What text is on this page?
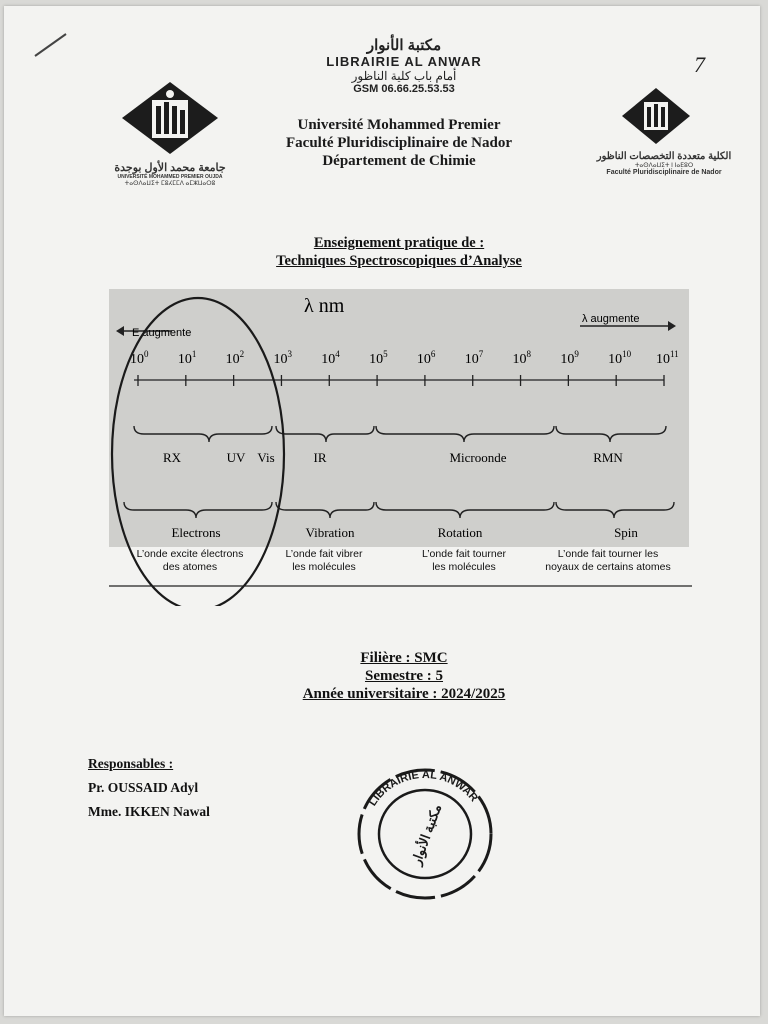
مكتبة الأنوار
LIBRAIRIE AL ANWAR
أمام باب كلية الناظور
GSM 06.66.25.53.53
7
جامعة محمد الأول بوجدة
UNIVERSITÉ MOHAMMED PREMIER OUJDA
ⵜⴰⵙⴷⴰⵡⵉⵜ ⵎⵓⵃⵎⵎⴷ ⴰⵎⵣⵡⴰⵔⵓ
Université Mohammed Premier
Faculté Pluridisciplinaire de Nador
Département de Chimie	الكلية متعددة التخصصات الناظور
ⵜⴰⵙⴷⴰⵡⵉⵜ ⵏ ⵏⴰⴹⵓⵔ
Faculté Pluridisciplinaire de Nador
Enseignement pratique de :
Techniques Spectroscopiques d’Analyse
λ nm
E augmente
λ augmente
$10^0$ $10^1$ $10^2$ $10^3$ $10^4$ $10^5$ $10^6$ $10^7$ $10^8$ $10^9$ $10^{10}$ $10^{11}$
RX	UV Vis	IR	Microonde	RMN
Electrons	Vibration	Rotation	Spin
L’onde excite électrons
des atomes
L’onde fait vibrer
les molécules
L’onde fait tourner
les molécules
L’onde fait tourner les
noyaux de certains atomes
Filière : SMC
Semestre : 5
Année universitaire : 2024/2025
Responsables :
Pr. OUSSAID Adyl
Mme. IKKEN Nawal
LIBRAIRIE AL ANWAR
مكتبة الأنوار
